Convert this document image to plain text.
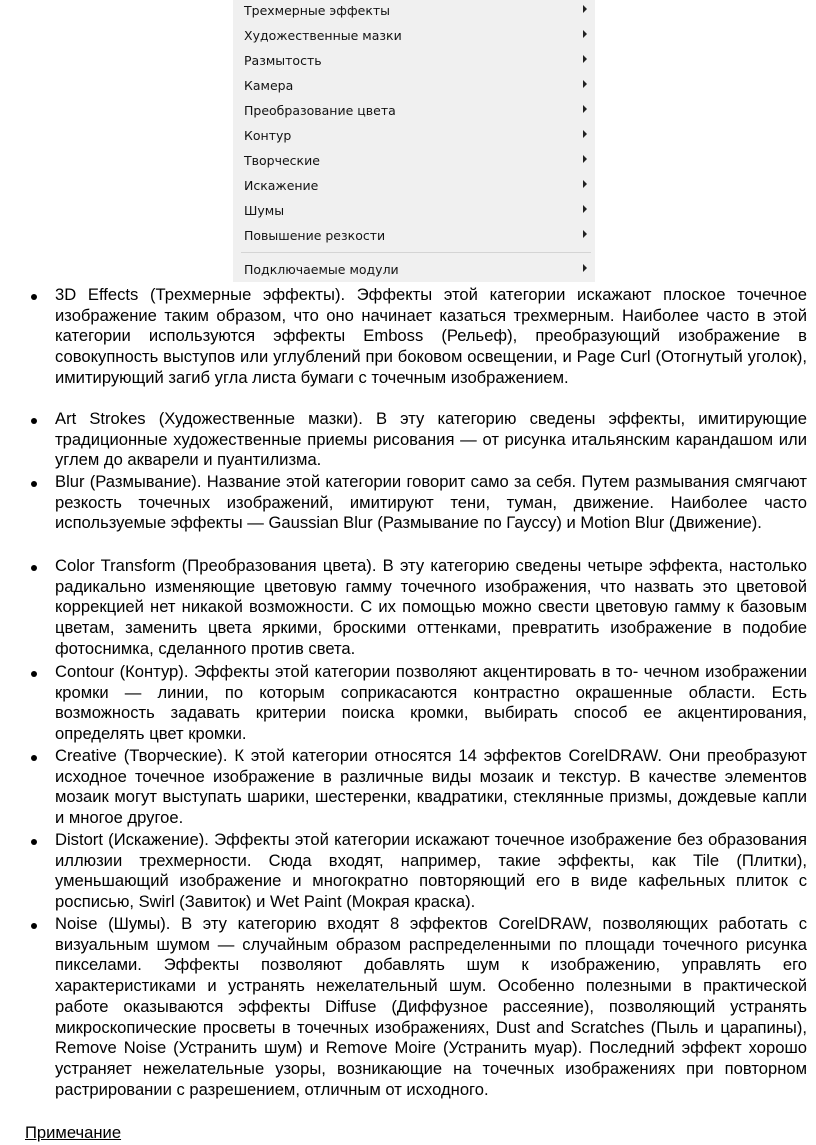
Трехмерные эффекты
Художественные мазки
Размытость
Камера
Преобразование цвета
Контур
Творческие
Искажение
Шумы
Повышение резкости
Подключаемые модули
3D Effects (Трехмерные эффекты). Эффекты этой категории искажают плоское точечное изображение таким образом, что оно начинает казаться трехмерным. Наиболее часто в этой категории используются эффекты Emboss (Рельеф), преобразующий изображение в совокупность выступов или углублений при боковом освещении, и Page Curl (Отогнутый уголок), имитирующий загиб угла листа бумаги с точечным изображением.
Art Strokes (Художественные мазки). В эту категорию сведены эффекты, имитирующие традиционные художественные приемы рисования — от рисунка итальянским карандашом или углем до акварели и пуантилизма.
Blur (Размывание). Название этой категории говорит само за себя. Путем размывания смягчают резкость точечных изображений, имитируют тени, туман, движение. Наиболее часто используемые эффекты — Gaussian Blur (Размывание по Гауссу) и Motion Blur (Движение).
Color Transform (Преобразования цвета). В эту категорию сведены четыре эффекта, настолько радикально изменяющие цветовую гамму точечного изображения, что назвать это цветовой коррекцией нет никакой возможности. С их помощью можно свести цветовую гамму к базовым цветам, заменить цвета яркими, броскими оттенками, превратить изображение в подобие фотоснимка, сделанного против света.
Contour (Контур). Эффекты этой категории позволяют акцентировать в то- чечном изображении кромки — линии, по которым соприкасаются контрастно окрашенные области. Есть возможность задавать критерии поиска кромки, выбирать способ ее акцентирования, определять цвет кромки.
Creative (Творческие). К этой категории относятся 14 эффектов CorelDRAW. Они преобразуют исходное точечное изображение в различные виды мозаик и текстур. В качестве элементов мозаик могут выступать шарики, шестеренки, квадратики, стеклянные призмы, дождевые капли и многое другое.
Distort (Искажение). Эффекты этой категории искажают точечное изображение без образования иллюзии трехмерности. Сюда входят, например, такие эффекты, как Tile (Плитки), уменьшающий изображение и многократно повторяющий его в виде кафельных плиток с росписью, Swirl (Завиток) и Wet Paint (Мокрая краска).
Noise (Шумы). В эту категорию входят 8 эффектов CorelDRAW, позволяющих работать с визуальным шумом — случайным образом распределенными по площади точечного рисунка пикселами. Эффекты позволяют добавлять шум к изображению, управлять его характеристиками и устранять нежелательный шум. Особенно полезными в практической работе оказываются эффекты Diffuse (Диффузное рассеяние), позволяющий устранять микроскопические просветы в точечных изображениях, Dust and Scratches (Пыль и царапины), Remove Noise (Устранить шум) и Remove Moire (Устранить муар). Последний эффект хорошо устраняет нежелательные узоры, возникающие на точечных изображениях при повторном растрировании с разрешением, отличным от исходного.
Примечание
